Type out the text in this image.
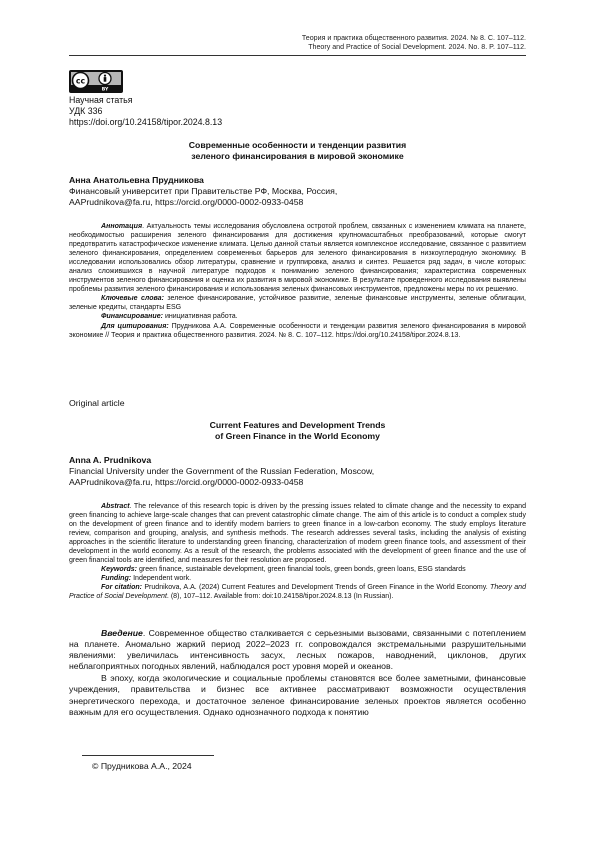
Теория и практика общественного развития. 2024. № 8. С. 107–112.
Theory and Practice of Social Development. 2024. No. 8. P. 107–112.
cc
BY
Научная статья
УДК 336
https://doi.org/10.24158/tipor.2024.8.13
Современные особенности и тенденции развития
зеленого финансирования в мировой экономике
Анна Анатольевна Прудникова
Финансовый университет при Правительстве РФ, Москва, Россия,
AAPrudnikova@fa.ru, https://orcid.org/0000-0002-0933-0458

Аннотация. Актуальность темы исследования обусловлена остротой проблем, связанных с изменением климата на планете, необходимостью расширения зеленого финансирования для достижения крупномасштабных преобразований, которые смогут предотвратить катастрофическое изменение климата. Целью данной статьи является комплексное исследование, связанное с развитием зеленого финансирования, определением современных барьеров для зеленого финансирования в низкоуглеродную экономику. В исследовании использовались обзор литературы, сравнение и группировка, анализ и синтез. Решается ряд задач, в числе которых: анализ сложившихся в научной литературе подходов к пониманию зеленого финансирования; характеристика современных инструментов зеленого финансирования и оценка их развития в мировой экономике. В результате проведенного исследования выявлены проблемы развития зеленого финансирования и использования зеленых финансовых инструментов, предложены меры по их решению.

Ключевые слова: зеленое финансирование, устойчивое развитие, зеленые финансовые инструменты, зеленые облигации, зеленые кредиты, стандарты ESG

Финансирование: инициативная работа.

Для цитирования: Прудникова А.А. Современные особенности и тенденции развития зеленого финансирования в мировой экономике // Теория и практика общественного развития. 2024. № 8. С. 107–112. https://doi.org/10.24158/tipor.2024.8.13.

Original article
Current Features and Development Trends
of Green Finance in the World Economy
Anna A. Prudnikova
Financial University under the Government of the Russian Federation, Moscow,
AAPrudnikova@fa.ru, https://orcid.org/0000-0002-0933-0458

Abstract. The relevance of this research topic is driven by the pressing issues related to climate change and the necessity to expand green financing to achieve large-scale changes that can prevent catastrophic climate change. The aim of this article is to conduct a complex study on the development of green finance and to identify modern barriers to green finance in a low-carbon economy. The study employs literature review, comparison and grouping, analysis, and synthesis methods. The research addresses several tasks, including the analysis of existing approaches in the scientific literature to understanding green financing, characterization of modern green finance tools, and assessment of their development in the world economy. As a result of the research, the problems associated with the development of green finance and the use of green financial tools are identified, and measures for their resolution are proposed.

Keywords: green finance, sustainable development, green financial tools, green bonds, green loans, ESG standards

Funding: Independent work.

For citation: Prudnikova, A.A. (2024) Current Features and Development Trends of Green Finance in the World Economy. Theory and Practice of Social Development. (8), 107–112. Available from: doi:10.24158/tipor.2024.8.13 (In Russian).

Введение. Современное общество сталкивается с серьезными вызовами, связанными с потеплением на планете. Аномально жаркий период 2022–2023 гг. сопровождался экстремальными разрушительными явлениями: увеличилась интенсивность засух, лесных пожаров, наводнений, циклонов, других неблагоприятных погодных явлений, наблюдался рост уровня морей и океанов.

В эпоху, когда экологические и социальные проблемы становятся все более заметными, финансовые учреждения, правительства и бизнес все активнее рассматривают возможности осуществления энергетического перехода, и достаточное зеленое финансирование зеленых проектов является особенно важным для его осуществления. Однако однозначного подхода к понятию

© Прудникова А.А., 2024
